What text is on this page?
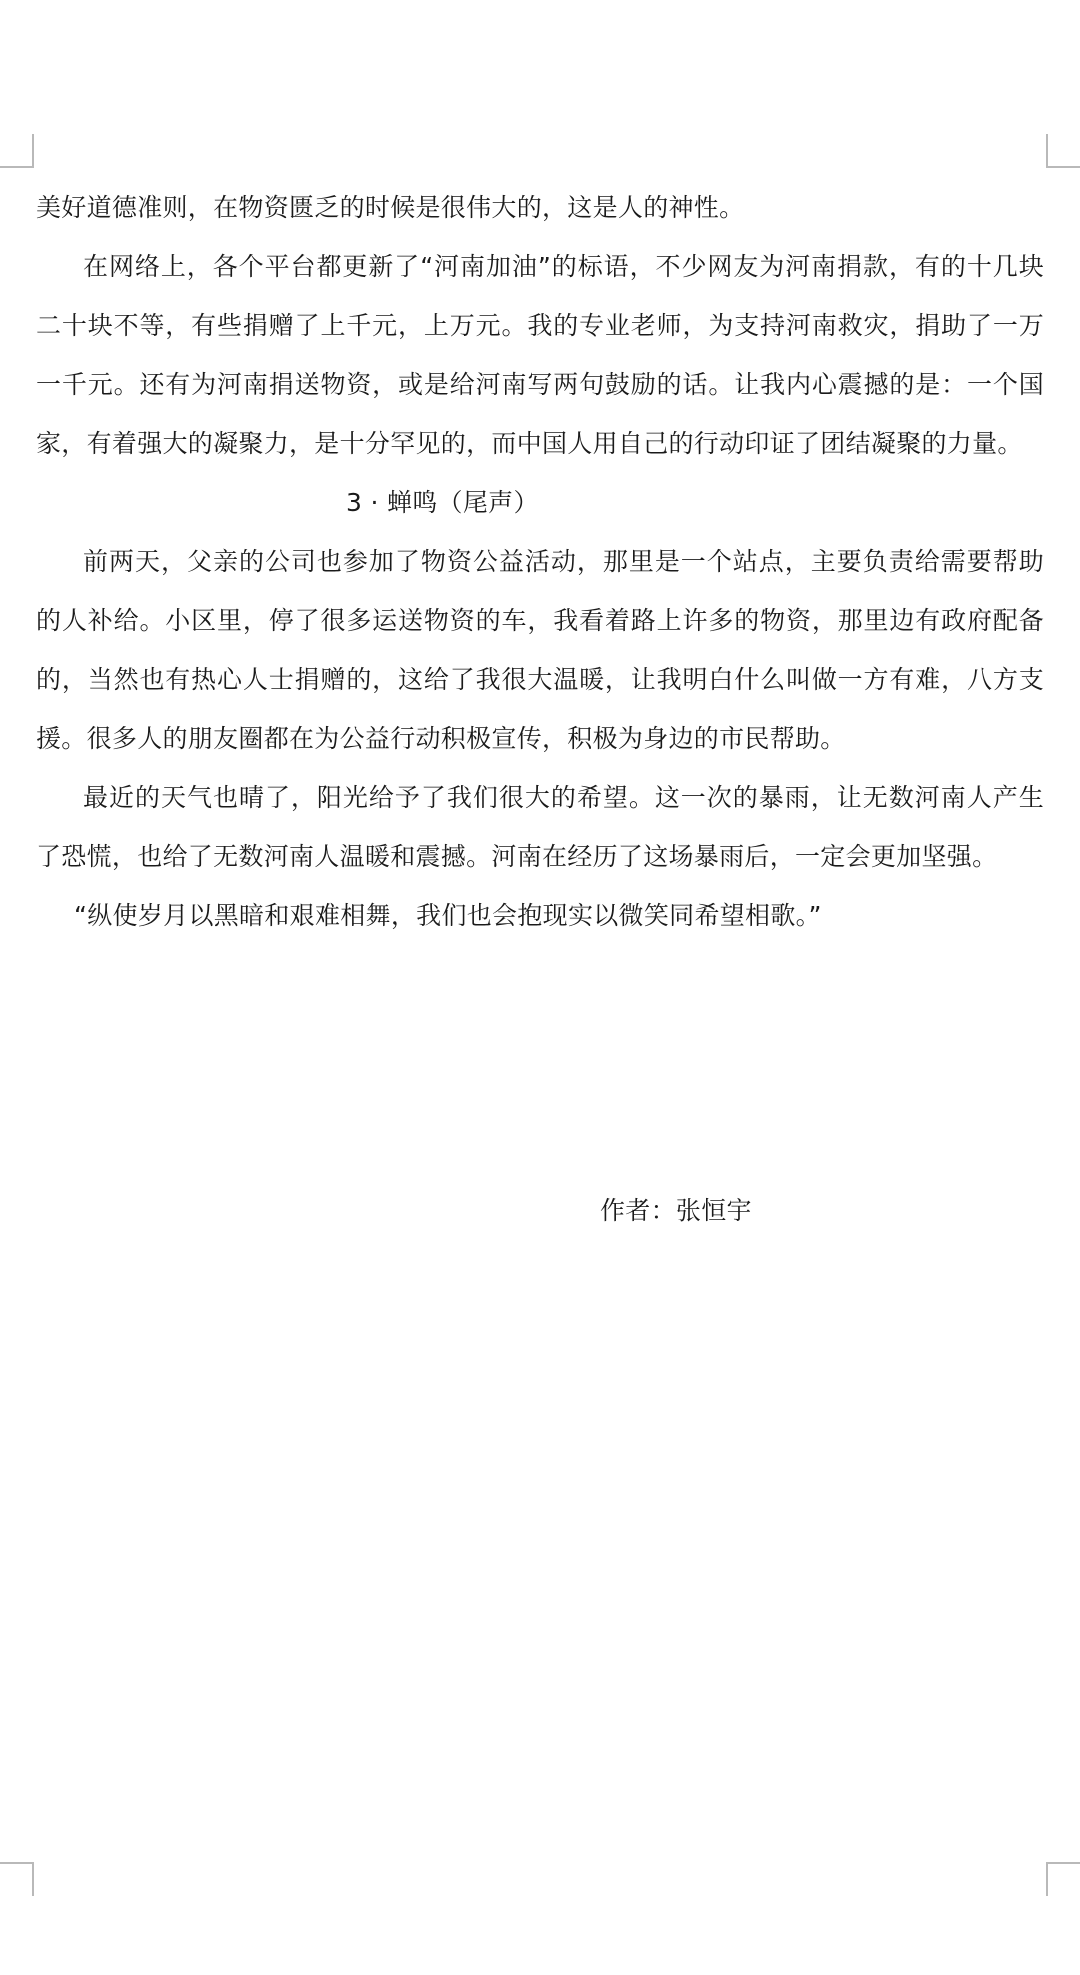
美好道德准则，在物资匮乏的时候是很伟大的，这是人的神性。

在网络上，各个平台都更新了“河南加油”的标语，不少网友为河南捐款，有的十几块二十块不等，有些捐赠了上千元，上万元。我的专业老师，为支持河南救灾，捐助了一万一千元。还有为河南捐送物资，或是给河南写两句鼓励的话。让我内心震撼的是：一个国家，有着强大的凝聚力，是十分罕见的，而中国人用自己的行动印证了团结凝聚的力量。

3 · 蝉鸣（尾声）

前两天，父亲的公司也参加了物资公益活动，那里是一个站点，主要负责给需要帮助的人补给。小区里，停了很多运送物资的车，我看着路上许多的物资，那里边有政府配备的，当然也有热心人士捐赠的，这给了我很大温暖，让我明白什么叫做一方有难，八方支援。很多人的朋友圈都在为公益行动积极宣传，积极为身边的市民帮助。

最近的天气也晴了，阳光给予了我们很大的希望。这一次的暴雨，让无数河南人产生了恐慌，也给了无数河南人温暖和震撼。河南在经历了这场暴雨后，一定会更加坚强。

“纵使岁月以黑暗和艰难相舞，我们也会抱现实以微笑同希望相歌。”

作者：张恒宇
